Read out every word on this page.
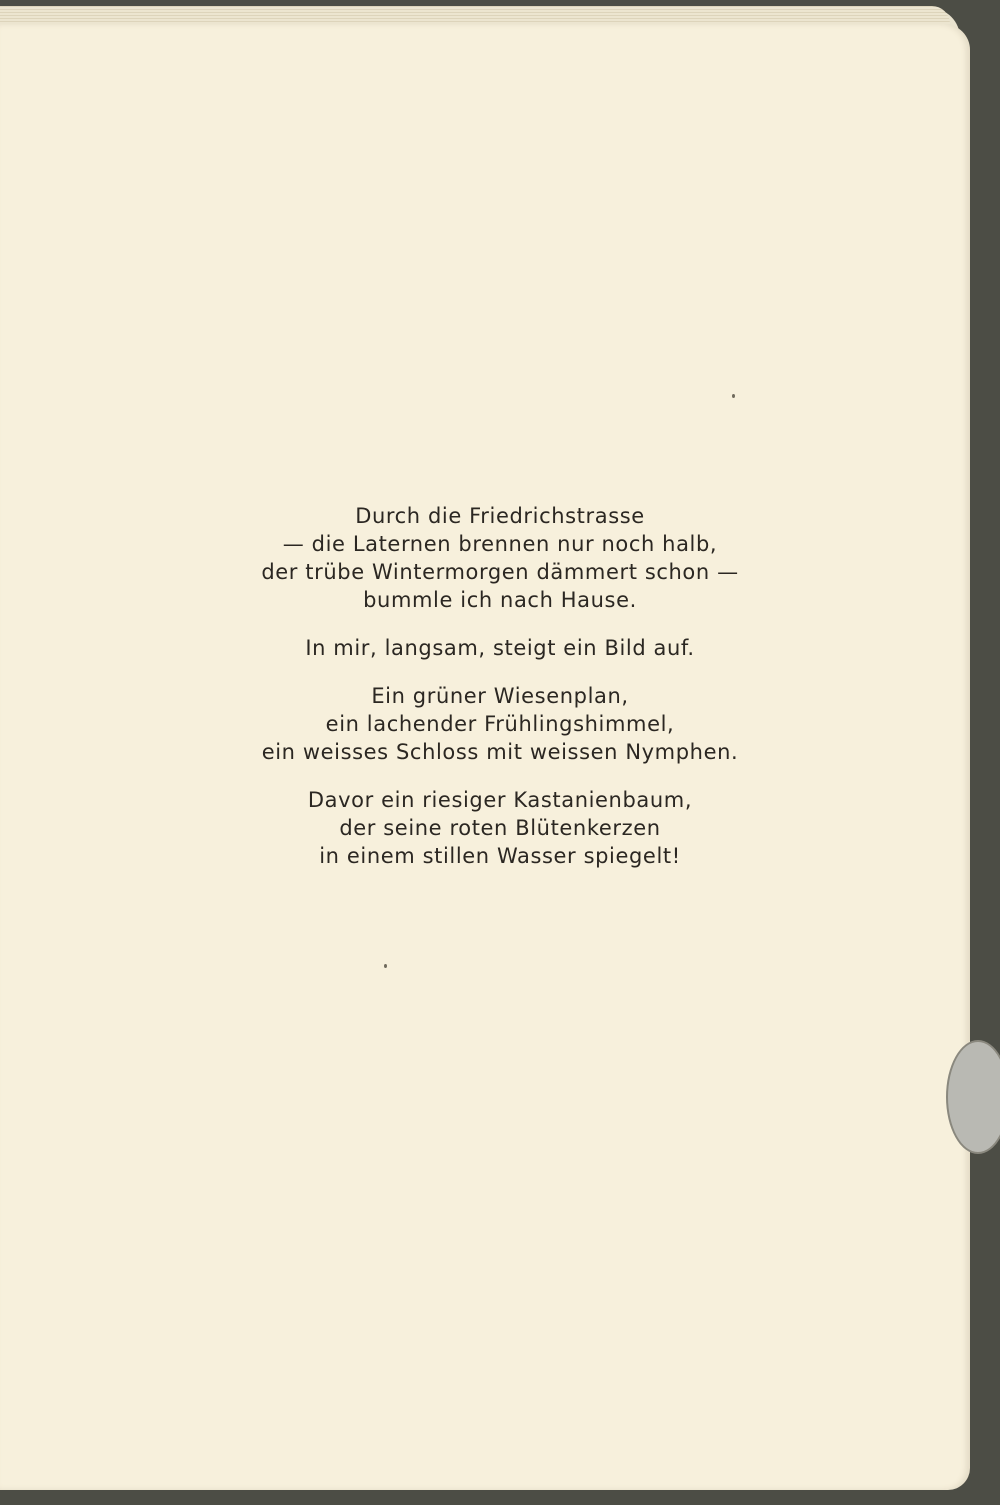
Durch die Friedrichstrasse
— die Laternen brennen nur noch halb,
der trübe Wintermorgen dämmert schon —
bummle ich nach Hause.
In mir, langsam, steigt ein Bild auf.
Ein grüner Wiesenplan,
ein lachender Frühlingshimmel,
ein weisses Schloss mit weissen Nymphen.
Davor ein riesiger Kastanienbaum,
der seine roten Blütenkerzen
in einem stillen Wasser spiegelt!
